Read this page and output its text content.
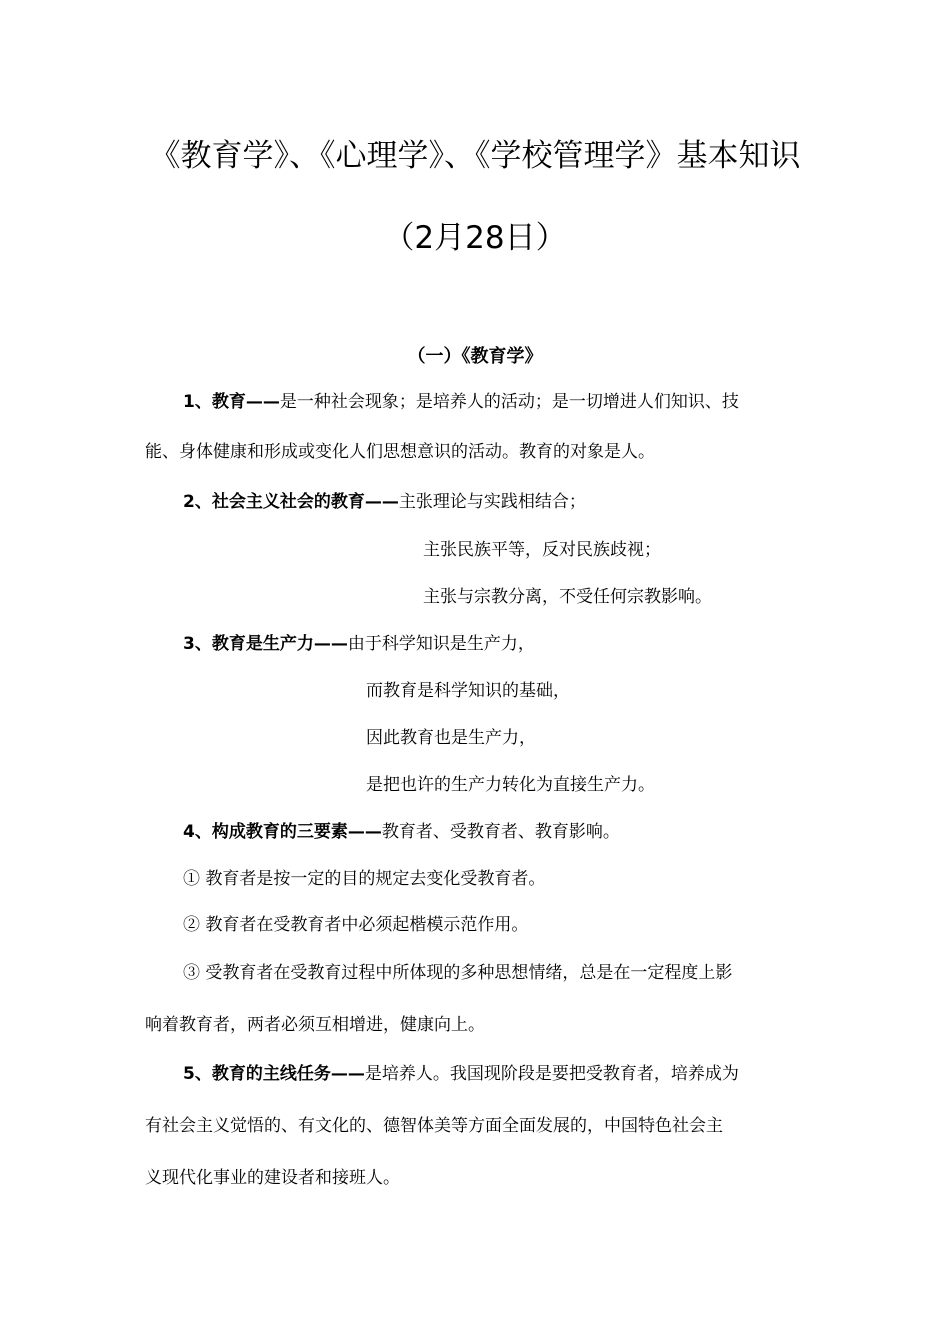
《教育学》、《心理学》、《学校管理学》基本知识
（2月28日）
（一）《教育学》
1、教育——是一种社会现象；是培养人的活动；是一切增进人们知识、技
能、身体健康和形成或变化人们思想意识的活动。教育的对象是人。
2、社会主义社会的教育——主张理论与实践相结合；
主张民族平等，反对民族歧视；
主张与宗教分离，不受任何宗教影响。
3、教育是生产力——由于科学知识是生产力，
而教育是科学知识的基础，
因此教育也是生产力，
是把也许的生产力转化为直接生产力。
4、构成教育的三要素——教育者、受教育者、教育影响。
① 教育者是按一定的目的规定去变化受教育者。
② 教育者在受教育者中必须起楷模示范作用。
③ 受教育者在受教育过程中所体现的多种思想情绪，总是在一定程度上影
响着教育者，两者必须互相增进，健康向上。
5、教育的主线任务——是培养人。我国现阶段是要把受教育者，培养成为
有社会主义觉悟的、有文化的、德智体美等方面全面发展的，中国特色社会主
义现代化事业的建设者和接班人。
